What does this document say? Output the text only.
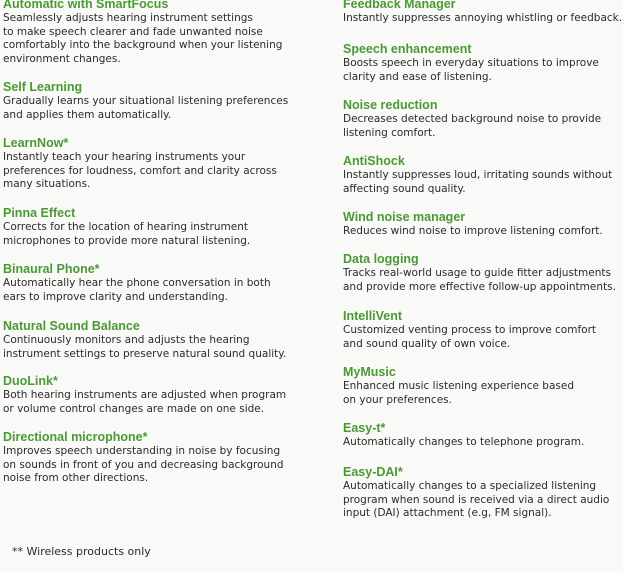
Automatic with SmartFocus
Seamlessly adjusts hearing instrument settings
to make speech clearer and fade unwanted noise
comfortably into the background when your listening
environment changes.
Self Learning
Gradually learns your situational listening preferences
and applies them automatically.
LearnNow*
Instantly teach your hearing instruments your
preferences for loudness, comfort and clarity across
many situations.
Pinna Effect
Corrects for the location of hearing instrument
microphones to provide more natural listening.
Binaural Phone*
Automatically hear the phone conversation in both
ears to improve clarity and understanding.
Natural Sound Balance
Continuously monitors and adjusts the hearing
instrument settings to preserve natural sound quality.
DuoLink*
Both hearing instruments are adjusted when program
or volume control changes are made on one side.
Directional microphone*
Improves speech understanding in noise by focusing
on sounds in front of you and decreasing background
noise from other directions.
Feedback Manager
Instantly suppresses annoying whistling or feedback.
Speech enhancement
Boosts speech in everyday situations to improve
clarity and ease of listening.
Noise reduction
Decreases detected background noise to provide
listening comfort.
AntiShock
Instantly suppresses loud, irritating sounds without
affecting sound quality.
Wind noise manager
Reduces wind noise to improve listening comfort.
Data logging
Tracks real-world usage to guide fitter adjustments
and provide more effective follow-up appointments.
IntelliVent
Customized venting process to improve comfort
and sound quality of own voice.
MyMusic
Enhanced music listening experience based
on your preferences.
Easy-t*
Automatically changes to telephone program.
Easy-DAI*
Automatically changes to a specialized listening
program when sound is received via a direct audio
input (DAI) attachment (e.g, FM signal).
** Wireless products only
